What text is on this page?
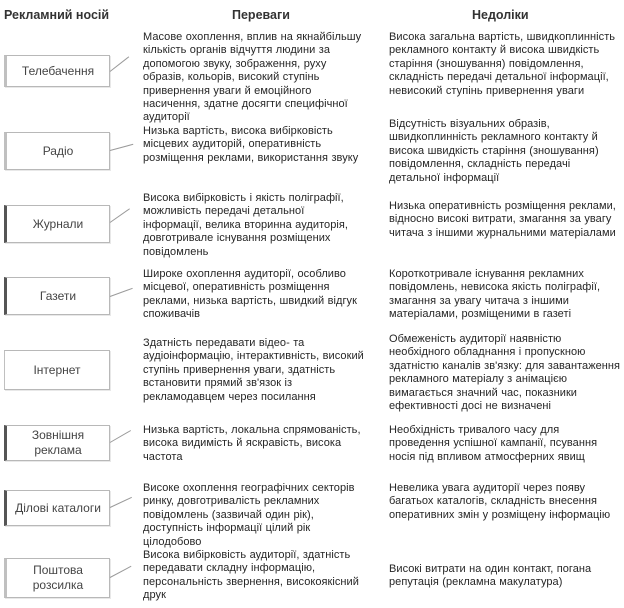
Рекламний носій	Переваги	Недоліки
Телебачення
Масове охоплення, вплив на якнайбільшу кількість органів відчуття людини за допомогою звуку, зображення, руху образів, кольорів, високий ступінь привернення уваги й емоційного насичення, здатне досягти специфічної аудиторії
Висока загальна вартість, швидкоплинність рекламного контакту й висока швидкість старіння (зношування) повідомлення, складність передачі детальної інформації, невисокий ступінь привернення уваги
Радіо
Низька вартість, висока вибірковість місцевих аудиторій, оперативність розміщення реклами, використання звуку
Відсутність візуальних образів, швидкоплинність рекламного контакту й висока швидкість старіння (зношування) повідомлення, складність передачі детальної інформації
Журнали
Висока вибірковість і якість поліграфії, можливість передачі детальної інформації, велика вторинна аудиторія, довготривале існування розміщених повідомлень
Низька оперативність розміщення реклами, відносно високі витрати, змагання за увагу читача з іншими журнальними матеріалами
Газети
Широке охоплення аудиторії, особливо місцевої, оперативність розміщення реклами, низька вартість, швидкий відгук споживачів
Короткотривале існування рекламних повідомлень, невисока якість поліграфії, змагання за увагу читача з іншими матеріалами, розміщеними в газеті
Інтернет
Здатність передавати відео- та аудіоінформацію, інтерактивність, високий ступінь привернення уваги, здатність встановити прямий зв'язок із рекламодавцем через посилання
Обмеженість аудиторії наявністю необхідного обладнання і пропускною здатністю каналів зв'язку: для завантаження рекламного матеріалу з анімацією вимагається значний час, показники ефективності досі не визначені
Зовнішня реклама
Низька вартість, локальна спрямованість, висока видимість й яскравість, висока частота
Необхідність тривалого часу для проведення успішної кампанії, псування носія під впливом атмосферних явищ
Ділові каталоги
Високе охоплення географічних секторів ринку, довготривалість рекламних повідомлень (зазвичай один рік), доступність інформації цілий рік цілодобово
Невелика увага аудиторії через появу багатьох каталогів, складність внесення оперативних змін у розміщену інформацію
Поштова розсилка
Висока вибірковість аудиторії, здатність передавати складну інформацію, персональність звернення, високоякісний друк
Високі витрати на один контакт, погана репутація (рекламна макулатура)
